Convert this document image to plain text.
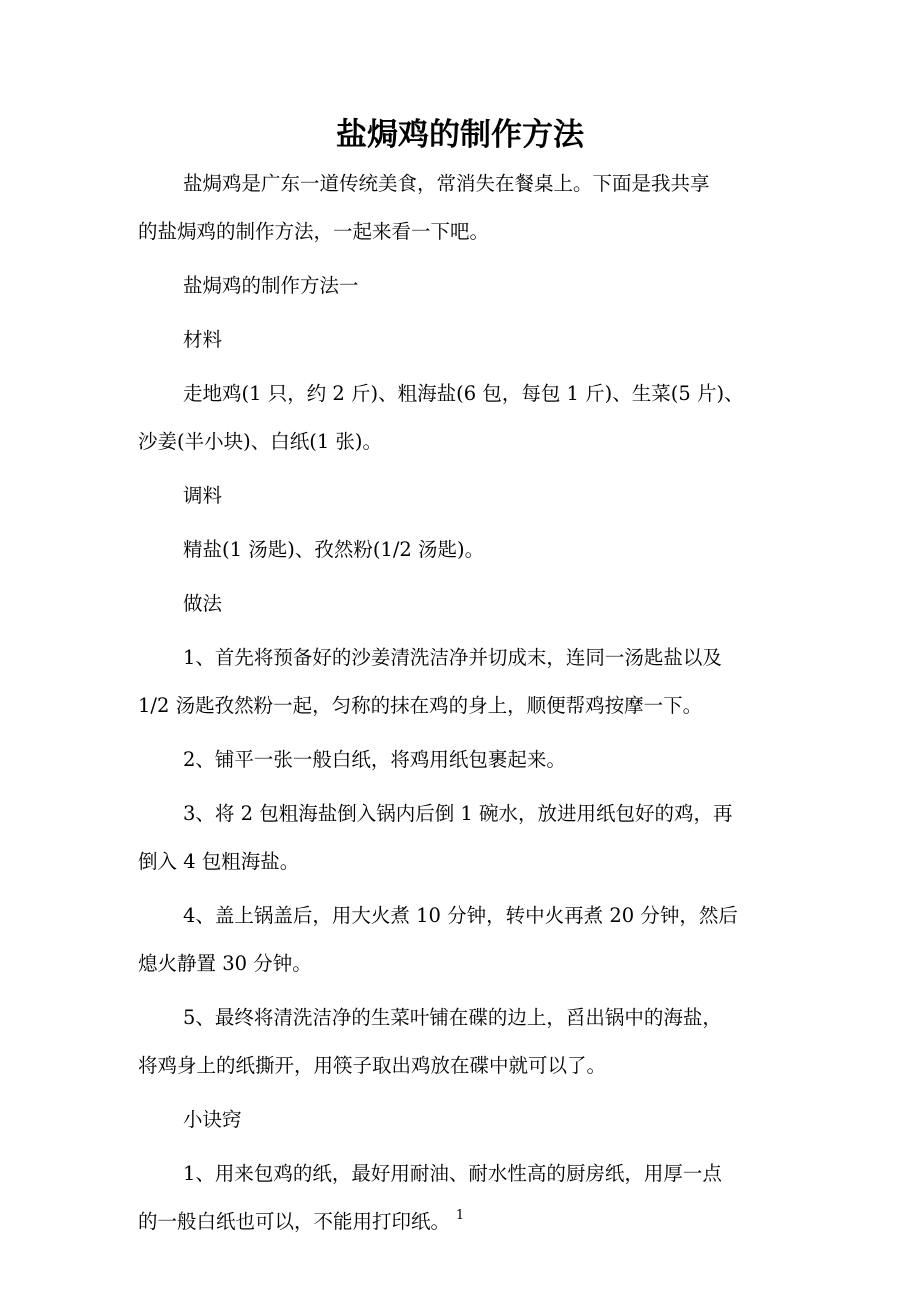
盐焗鸡的制作方法

盐焗鸡是广东一道传统美食，常消失在餐桌上。下面是我共享
的盐焗鸡的制作方法，一起来看一下吧。

盐焗鸡的制作方法一

材料

走地鸡(1 只，约 2 斤)、粗海盐(6 包，每包 1 斤)、生菜(5 片)、
沙姜(半小块)、白纸(1 张)。

调料

精盐(1 汤匙)、孜然粉(1/2 汤匙)。

做法

1、首先将预备好的沙姜清洗洁净并切成末，连同一汤匙盐以及
1/2 汤匙孜然粉一起，匀称的抹在鸡的身上，顺便帮鸡按摩一下。

2、铺平一张一般白纸，将鸡用纸包裹起来。

3、将 2 包粗海盐倒入锅内后倒 1 碗水，放进用纸包好的鸡，再
倒入 4 包粗海盐。

4、盖上锅盖后，用大火煮 10 分钟，转中火再煮 20 分钟，然后
熄火静置 30 分钟。

5、最终将清洗洁净的生菜叶铺在碟的边上，舀出锅中的海盐，
将鸡身上的纸撕开，用筷子取出鸡放在碟中就可以了。

小诀窍

1、用来包鸡的纸，最好用耐油、耐水性高的厨房纸，用厚一点
的一般白纸也可以，不能用打印纸。 1
